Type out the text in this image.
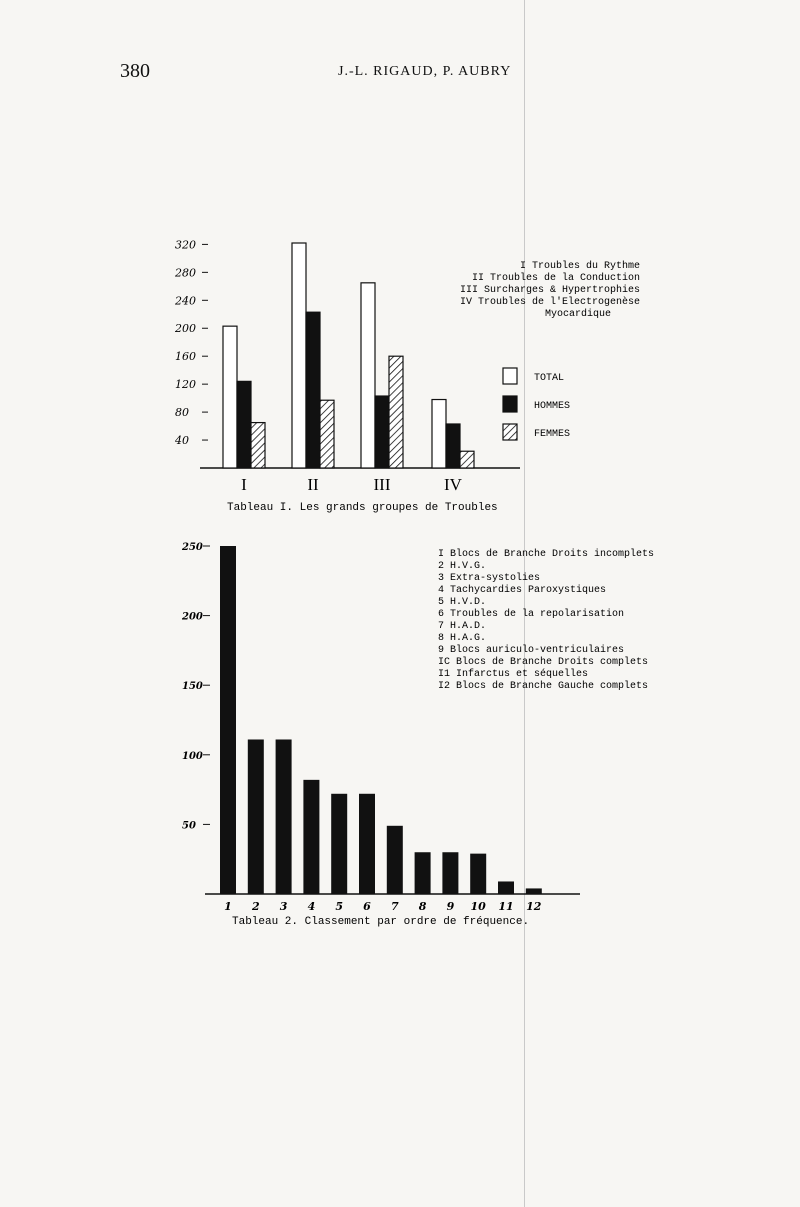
380	J.-L. RIGAUD, P. AUBRY
320
280
240
200
160
120
80
40
I	II	III	IV
Tableau I. Les grands groupes de Troubles
I Troubles du Rythme
II Troubles de la Conduction
III Surcharges & Hypertrophies
IV Troubles de l'Electrogenèse
Myocardique
TOTAL
HOMMES
FEMMES
250
200
150
100
50
1 2 3 4 5 6 7 8 9 10 11 12
Tableau 2. Classement par ordre de fréquence.
I Blocs de Branche Droits incomplets
2 H.V.G.
3 Extra-systolies
4 Tachycardies Paroxystiques
5 H.V.D.
6 Troubles de la repolarisation
7 H.A.D.
8 H.A.G.
9 Blocs auriculo-ventriculaires
IC Blocs de Branche Droits complets
I1 Infarctus et séquelles
I2 Blocs de Branche Gauche complets
